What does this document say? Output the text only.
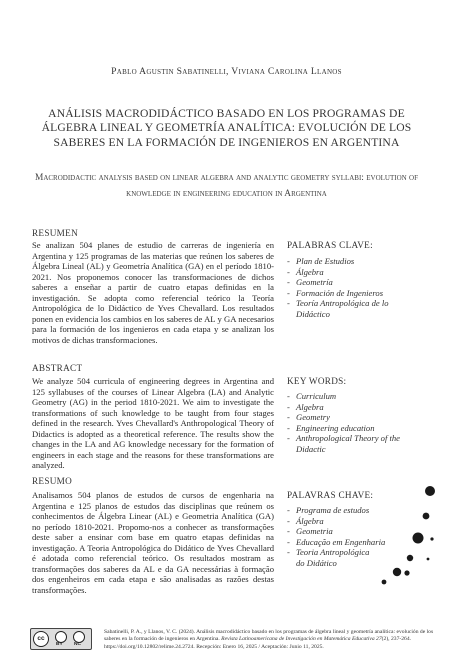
Pablo Agustin Sabatinelli, Viviana Carolina Llanos
ANÁLISIS MACRODIDÁCTICO BASADO EN LOS PROGRAMAS DE ÁLGEBRA LINEAL Y GEOMETRÍA ANALÍTICA: EVOLUCIÓN DE LOS SABERES EN LA FORMACIÓN DE INGENIEROS EN ARGENTINA
Macrodidactic analysis based on linear algebra and analytic geometry syllabi: evolution of knowledge in engineering education in Argentina
RESUMEN
Se analizan 504 planes de estudio de carreras de ingeniería en Argentina y 125 programas de las materias que reúnen los saberes de Álgebra Lineal (AL) y Geometría Analítica (GA) en el período 1810-2021. Nos proponemos conocer las transformaciones de dichos saberes a enseñar a partir de cuatro etapas definidas en la investigación. Se adopta como referencial teórico la Teoría Antropológica de lo Didáctico de Yves Chevallard. Los resultados ponen en evidencia los cambios en los saberes de AL y GA necesarios para la formación de los ingenieros en cada etapa y se analizan los motivos de dichas transformaciones.
PALABRAS CLAVE:
- Plan de Estudios
- Álgebra
- Geometría
- Formación de Ingenieros
- Teoría Antropológica de lo Didáctico
ABSTRACT
We analyze 504 curricula of engineering degrees in Argentina and 125 syllabuses of the courses of Linear Algebra (LA) and Analytic Geometry (AG) in the period 1810-2021. We aim to investigate the transformations of such knowledge to be taught from four stages defined in the research. Yves Chevallard's Anthropological Theory of Didactics is adopted as a theoretical reference. The results show the changes in the LA and AG knowledge necessary for the formation of engineers in each stage and the reasons for these transformations are analyzed.
KEY WORDS:
- Curriculum
- Algebra
- Geometry
- Engineering education
- Anthropological Theory of the Didactic
RESUMO
Analisamos 504 planos de estudos de cursos de engenharia na Argentina e 125 planos de estudos das disciplinas que reúnem os conhecimentos de Álgebra Linear (AL) e Geometria Analítica (GA) no período 1810-2021. Propomo-nos a conhecer as transformações deste saber a ensinar com base em quatro etapas definidas na investigação. A Teoria Antropológica do Didático de Yves Chevallard é adotada como referencial teórico. Os resultados mostram as transformações dos saberes da AL e da GA necessárias à formação dos engenheiros em cada etapa e são analisadas as razões destas transformações.
PALAVRAS CHAVE:
- Programa de estudos
- Álgebra
- Geometria
- Educação em Engenharia
- Teoria Antropológica do Didático
cc
BY NC
Sabatinelli, P. A., y Llanos, V. C. (2024). Análisis macrodidáctico basado en los programas de álgebra lineal y geometría analítica: evolución de los saberes en la formación de ingenieros en Argentina. Revista Latinoamericana de Investigación en Matemática Educativa 27(2), 237-264. https://doi.org/10.12802/relime.24.2724. Recepción: Enero 16, 2025 / Aceptación: Junio 11, 2025.
